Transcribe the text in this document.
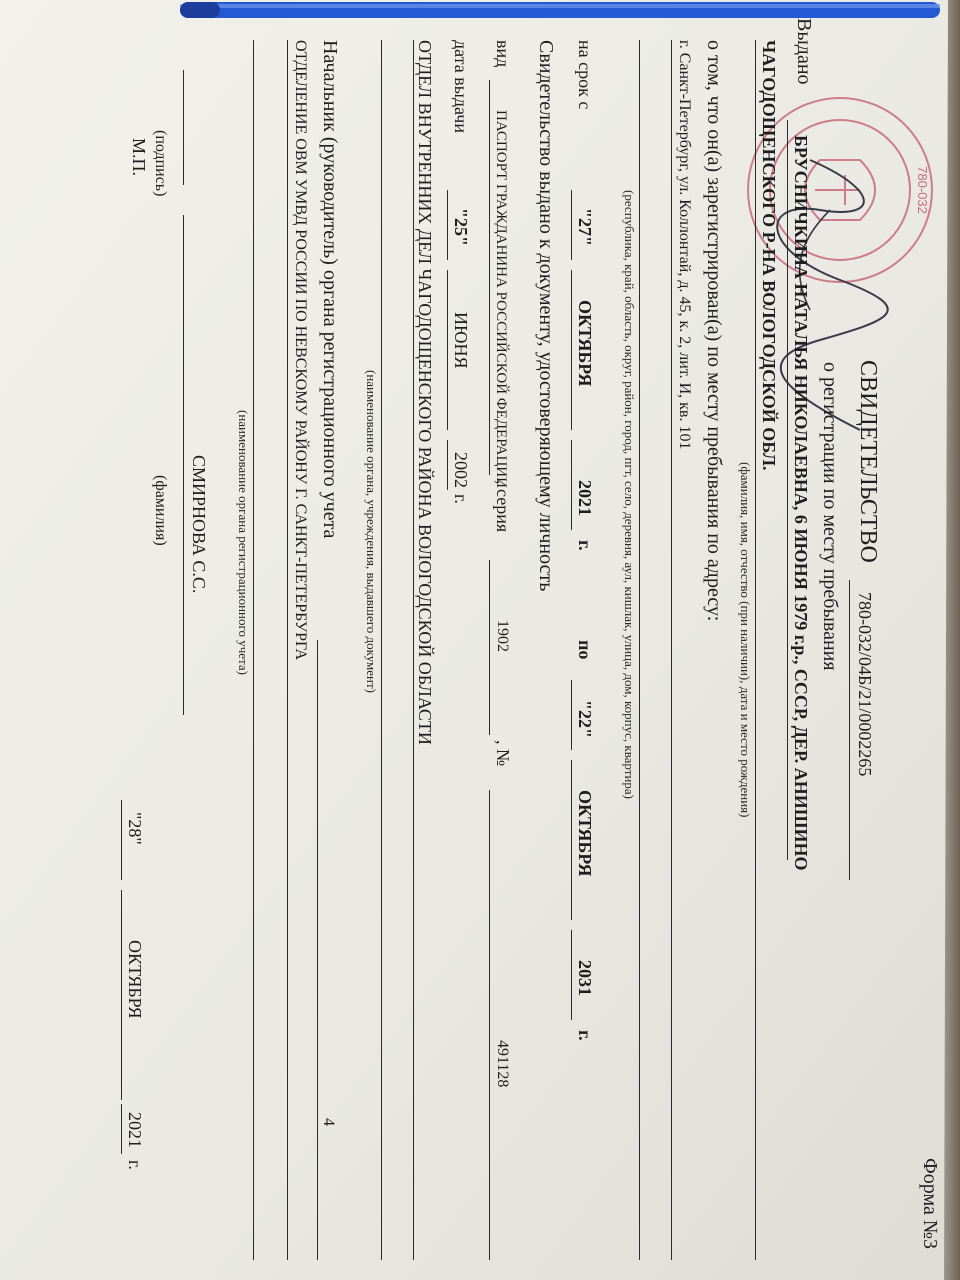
780-032
Форма №3
СВИДЕТЕЛЬСТВО
780-032/04Б/21/0002265
о регистрации по месту пребывания
Выдано
БРУСНИЧКИНА НАТАЛЬЯ НИКОЛАЕВНА, 6 ИЮНЯ 1979 г.р., СССР, ДЕР. АНИШИНО
ЧАГОДОЩЕНСКОГО Р-НА ВОЛОГОДСКОЙ ОБЛ.
(фамилия, имя, отчество (при наличии), дата и место рождения)
о том, что он(а) зарегистрирован(а) по месту пребывания по адресу:
г. Санкт-Петербург, ул. Коллонтай, д. 45, к. 2, лит. И, кв. 101
(республика, край, область, округ, район, город, пгт, село, деревня, аул, кишлак, улица, дом, корпус, квартира)
на срок с
"27"
ОКТЯБРЯ
2021
г.
по
"22"
ОКТЯБРЯ
2031
г.
Свидетельство выдано к документу, удостоверяющему личность
вид
ПАСПОРТ ГРАЖДАНИНА РОССИЙСКОЙ ФЕДЕРАЦИИ
, серия
1902
, №
491128
дата выдачи
"25"
ИЮНЯ
2002
г.
ОТДЕЛ ВНУТРЕННИХ ДЕЛ ЧАГОДОЩЕНСКОГО РАЙОНА ВОЛОГОДСКОЙ ОБЛАСТИ
(наименование органа, учреждения, выдавшего документ)
Начальник (руководитель) органа регистрационного учета
4
ОТДЕЛЕНИЕ ОВМ УМВД РОССИИ ПО НЕВСКОМУ РАЙОНУ Г. САНКТ-ПЕТЕРБУРГА
(наименование органа регистрационного учета)
"28"
ОКТЯБРЯ
2021
г.
СМИРНОВА С.С.
(подпись)
(фамилия)
М.П.
